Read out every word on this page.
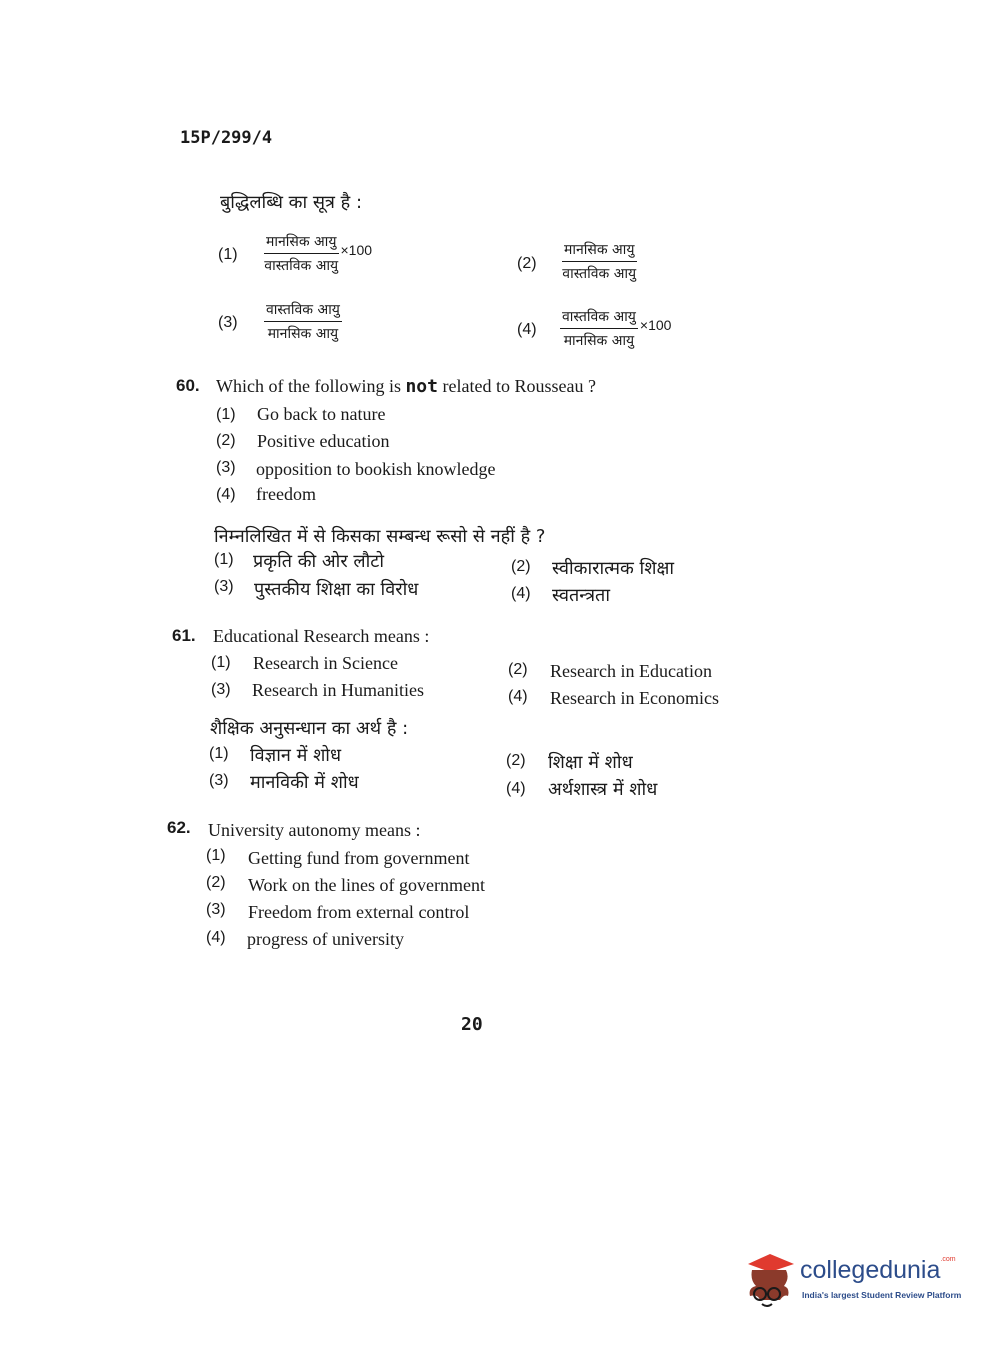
15P/299/4
बुद्धिलब्धि का सूत्र है :
(1)
मानसिक आयु
वास्तविक आयु
×100
(2)
मानसिक आयु
वास्तविक आयु
(3)
वास्तविक आयु
मानसिक आयु	(4)
वास्तविक आयु
मानसिक आयु
×100
60. Which of the following is not related to Rousseau ?
(1) Go back to nature
(2) Positive education
(3) opposition to bookish knowledge
(4) freedom
निम्नलिखित में से किसका सम्बन्ध रूसो से नहीं है ?
(1) प्रकृति की ओर लौटो	(2) स्वीकारात्मक शिक्षा
(3) पुस्तकीय शिक्षा का विरोध	(4) स्वतन्त्रता
61. Educational Research means :
(1) Research in Science	(2) Research in Education
(3) Research in Humanities	(4) Research in Economics
शैक्षिक अनुसन्धान का अर्थ है :
(1) विज्ञान में शोध	(2) शिक्षा में शोध
(3) मानविकी में शोध	(4) अर्थशास्त्र में शोध
62. University autonomy means :
(1) Getting fund from government
(2) Work on the lines of government
(3) Freedom from external control
(4) progress of university
20
collegedunia$^{.com}$
India's largest Student Review Platform
